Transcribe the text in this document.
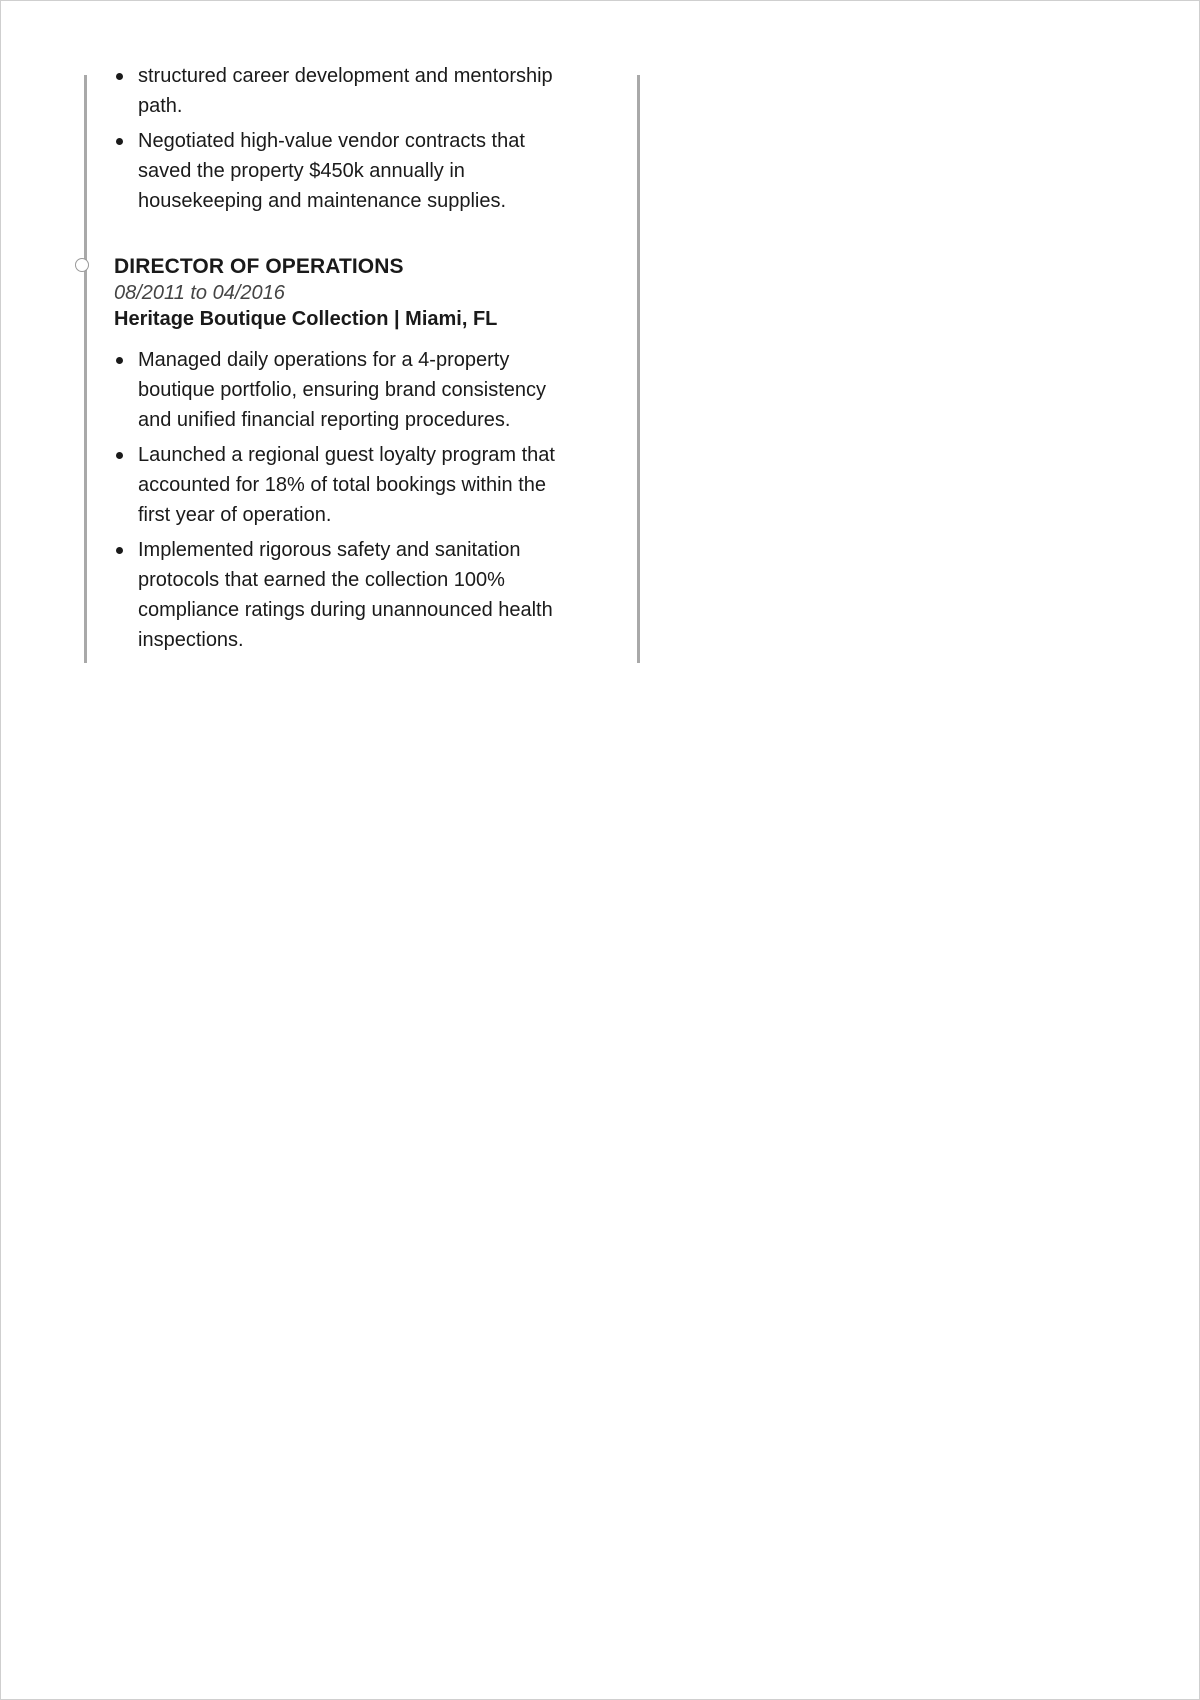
structured career development and mentorship path.
Negotiated high-value vendor contracts that saved the property $450k annually in housekeeping and maintenance supplies.
DIRECTOR OF OPERATIONS
08/2011 to 04/2016
Heritage Boutique Collection | Miami, FL
Managed daily operations for a 4-property boutique portfolio, ensuring brand consistency and unified financial reporting procedures.
Launched a regional guest loyalty program that accounted for 18% of total bookings within the first year of operation.
Implemented rigorous safety and sanitation protocols that earned the collection 100% compliance ratings during unannounced health inspections.
